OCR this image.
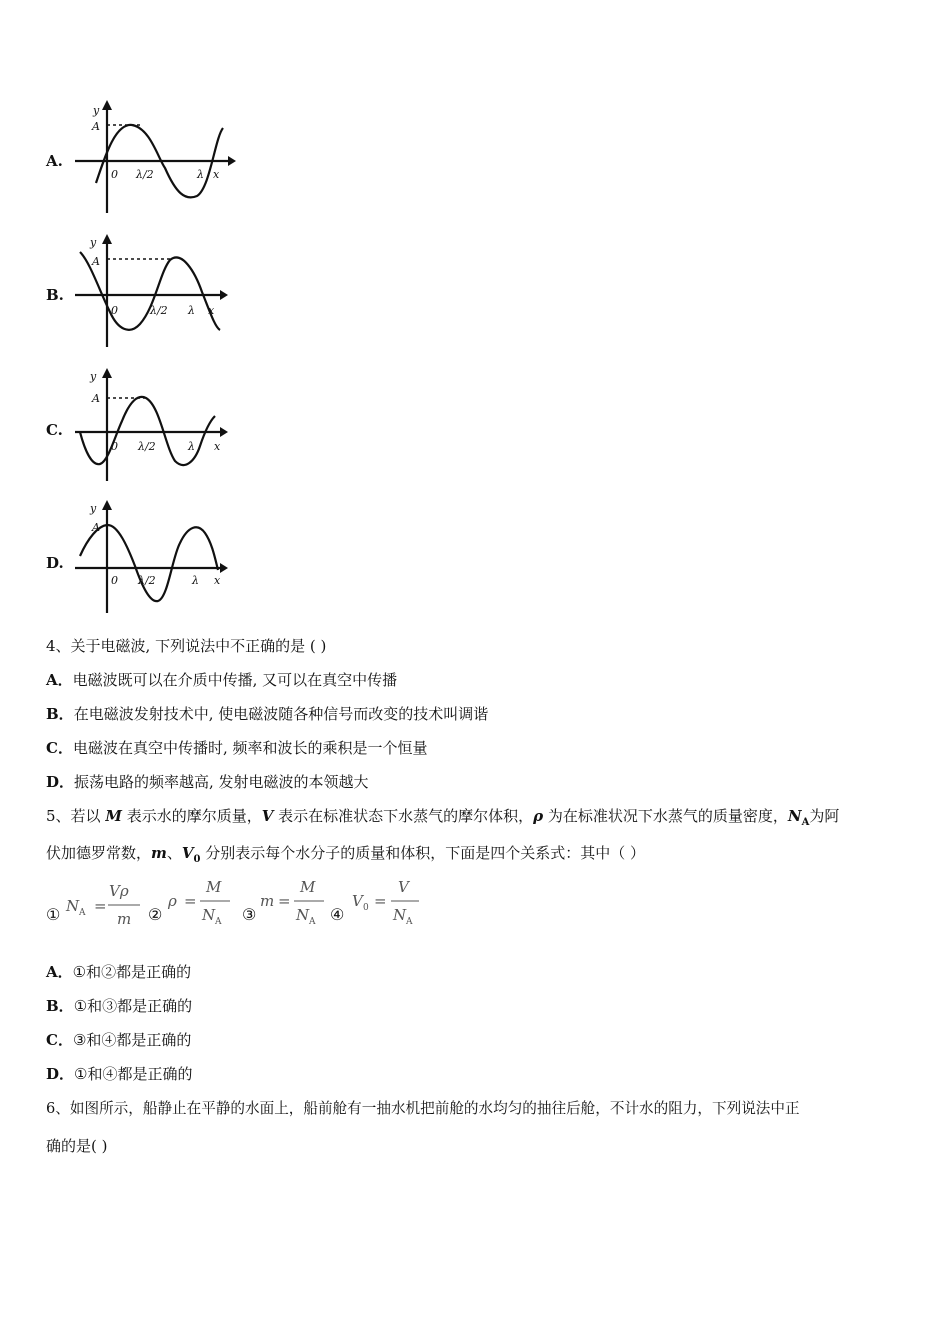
A.
y
A
0 λ/2	λ x
B.
y
A
0	λ/2 λ x
C.
y
A
0 λ/2	λ x
D.
y
A
0 λ/2	λ x
4、关于电磁波, 下列说法中不正确的是 ( )
A．电磁波既可以在介质中传播, 又可以在真空中传播
B．在电磁波发射技术中, 使电磁波随各种信号而改变的技术叫调谐
C．电磁波在真空中传播时, 频率和波长的乘积是一个恒量
D．振荡电路的频率越高, 发射电磁波的本领越大
5、若以 M 表示水的摩尔质量，V 表示在标准状态下水蒸气的摩尔体积，ρ 为在标准状况下水蒸气的质量密度，$N_A$为阿
伏加德罗常数，m、$V_0$ 分别表示每个水分子的质量和体积，下面是四个关系式：其中（ ）
① N A =
Vρ
m ②
ρ =
M
N A ③
m =
M
N A ④
V 0 =
V
N A
A．①和②都是正确的
B．①和③都是正确的
C．③和④都是正确的
D．①和④都是正确的
6、如图所示，船静止在平静的水面上，船前舱有一抽水机把前舱的水均匀的抽往后舱，不计水的阻力，下列说法中正
确的是( )
